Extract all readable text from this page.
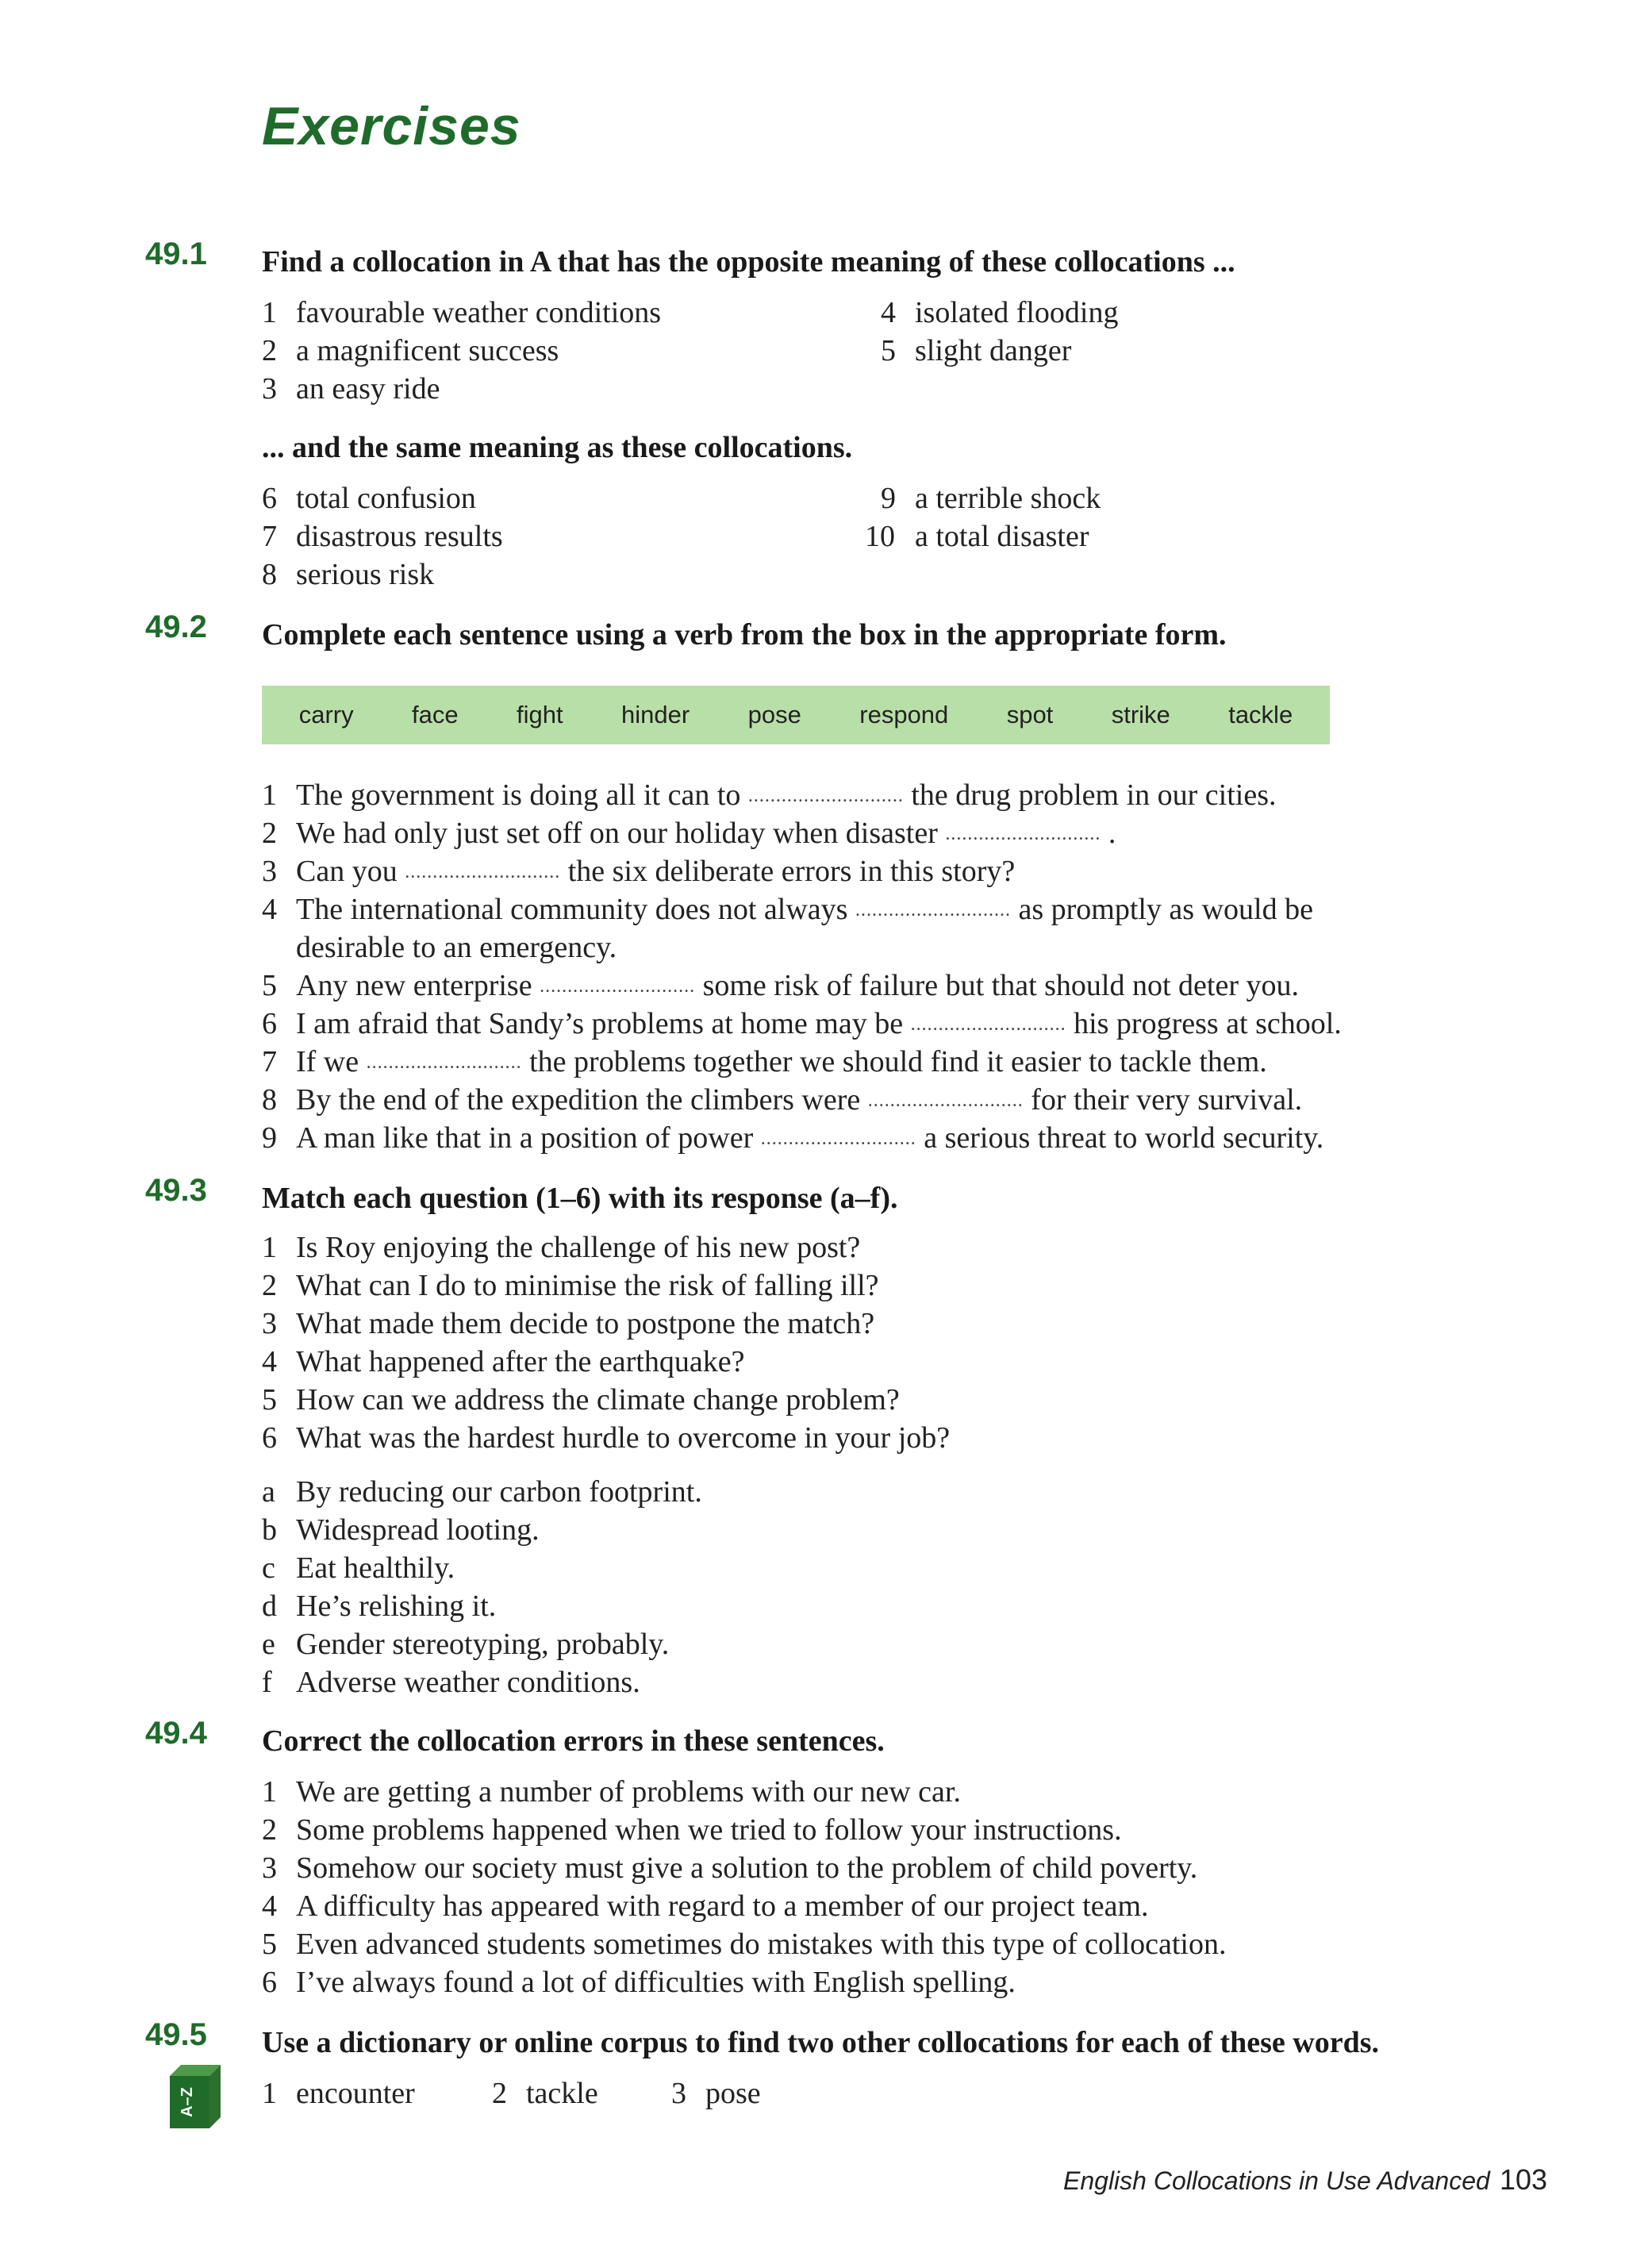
Exercises
49.1 Find a collocation in A that has the opposite meaning of these collocations ...
1 favourable weather conditions
2 a magnificent success
3 an easy ride
4 isolated flooding
5 slight danger
... and the same meaning as these collocations.
6 total confusion
7 disastrous results
8 serious risk
9 a terrible shock
10 a total disaster
49.2 Complete each sentence using a verb from the box in the appropriate form.
carry face fight hinder pose respond spot strike tackle
1 The government is doing all it can to ............................ the drug problem in our cities.
2 We had only just set off on our holiday when disaster ............................ .
3 Can you ............................ the six deliberate errors in this story?
4 The international community does not always ............................ as promptly as would be
desirable to an emergency.
5 Any new enterprise ............................ some risk of failure but that should not deter you.
6 I am afraid that Sandy’s problems at home may be ............................ his progress at school.
7 If we ............................ the problems together we should find it easier to tackle them.
8 By the end of the expedition the climbers were ............................ for their very survival.
9 A man like that in a position of power ............................ a serious threat to world security.
49.3 Match each question (1–6) with its response (a–f).
1 Is Roy enjoying the challenge of his new post?
2 What can I do to minimise the risk of falling ill?
3 What made them decide to postpone the match?
4 What happened after the earthquake?
5 How can we address the climate change problem?
6 What was the hardest hurdle to overcome in your job?
a By reducing our carbon footprint.
b Widespread looting.
c Eat healthily.
d He’s relishing it.
e Gender stereotyping, probably.
f Adverse weather conditions.
49.4 Correct the collocation errors in these sentences.
1 We are getting a number of problems with our new car.
2 Some problems happened when we tried to follow your instructions.
3 Somehow our society must give a solution to the problem of child poverty.
4 A difficulty has appeared with regard to a member of our project team.
5 Even advanced students sometimes do mistakes with this type of collocation.
6 I’ve always found a lot of difficulties with English spelling.
49.5 Use a dictionary or online corpus to find two other collocations for each of these words.
A–Z 1 encounter	2 tackle 3 pose
English Collocations in Use Advanced 103
